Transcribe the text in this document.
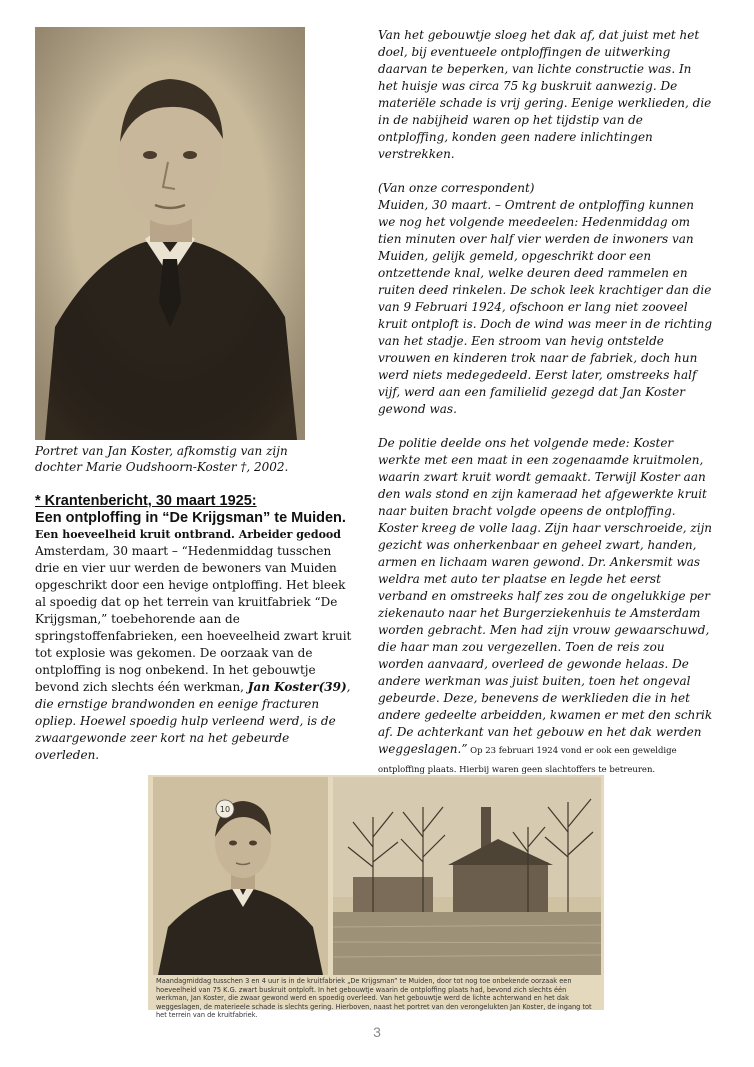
Portret van Jan Koster, afkomstig van zijn dochter Marie Oudshoorn-Koster †, 2002.
* Krantenbericht, 30 maart 1925:
Een ontploffing in “De Krijgsman” te Muiden.
Een hoeveelheid kruit ontbrand. Arbeider gedood

Amsterdam, 30 maart – “Hedenmiddag tusschen drie en vier uur werden de bewoners van Muiden opgeschrikt door een hevige ontploffing. Het bleek al spoedig dat op het terrein van kruitfabriek “De Krijgsman,” toebehorende aan de springstoffenfabrieken, een hoeveelheid zwart kruit tot explosie was gekomen. De oorzaak van de ontploffing is nog onbekend. In het gebouwtje bevond zich slechts één werkman, Jan Koster(39), die ernstige brandwonden en eenige fracturen opliep. Hoewel spoedig hulp verleend werd, is de zwaargewonde zeer kort na het gebeurde overleden.

Van het gebouwtje sloeg het dak af, dat juist met het doel, bij eventueele ontploffingen de uitwerking daarvan te beperken, van lichte constructie was. In het huisje was circa 75 kg buskruit aanwezig. De materiële schade is vrij gering. Eenige werklieden, die in de nabijheid waren op het tijdstip van de ontploffing, konden geen nadere inlichtingen verstrekken.

(Van onze correspondent)
Muiden, 30 maart. – Omtrent de ontploffing kunnen we nog het volgende meedeelen: Hedenmiddag om tien minuten over half vier werden de inwoners van Muiden, gelijk gemeld, opgeschrikt door een ontzettende knal, welke deuren deed rammelen en ruiten deed rinkelen. De schok leek krachtiger dan die van 9 Februari 1924, ofschoon er lang niet zooveel kruit ontploft is. Doch de wind was meer in de richting van het stadje. Een stroom van hevig ontstelde vrouwen en kinderen trok naar de fabriek, doch hun werd niets medegedeeld. Eerst later, omstreeks half vijf, werd aan een familielid gezegd dat Jan Koster gewond was.

De politie deelde ons het volgende mede: Koster werkte met een maat in een zogenaamde kruitmolen, waarin zwart kruit wordt gemaakt. Terwijl Koster aan den wals stond en zijn kameraad het afgewerkte kruit naar buiten bracht volgde opeens de ontploffing. Koster kreeg de volle laag. Zijn haar verschroeide, zijn gezicht was onherkenbaar en geheel zwart, handen, armen en lichaam waren gewond. Dr. Ankersmit was weldra met auto ter plaatse en legde het eerst verband en omstreeks half zes zou de ongelukkige per ziekenauto naar het Burgerziekenhuis te Amsterdam worden gebracht. Men had zijn vrouw gewaarschuwd, die haar man zou vergezellen. Toen de reis zou worden aanvaard, overleed de gewonde helaas. De andere werkman was juist buiten, toen het ongeval gebeurde. Deze, benevens de werklieden die in het andere gedeelte arbeidden, kwamen er met den schrik af. De achterkant van het gebouw en het dak werden weggeslagen.” Op 23 februari 1924 vond er ook een geweldige ontploffing plaats. Hierbij waren geen slachtoffers te betreuren.

10
Maandagmiddag tusschen 3 en 4 uur is in de kruitfabriek „De Krijgsman” te Muiden, door tot nog toe onbekende oorzaak een hoeveelheid van 75 K.G. zwart buskruit ontploft. In het gebouwtje waarin de ontploffing plaats had, bevond zich slechts één werkman, Jan Koster, die zwaar gewond werd en spoedig overleed. Van het gebouwtje werd de lichte achterwand en het dak weggeslagen, de materieele schade is slechts gering. Hierboven, naast het portret van den verongelukten Jan Koster, de ingang tot het terrein van de kruitfabriek.
3
